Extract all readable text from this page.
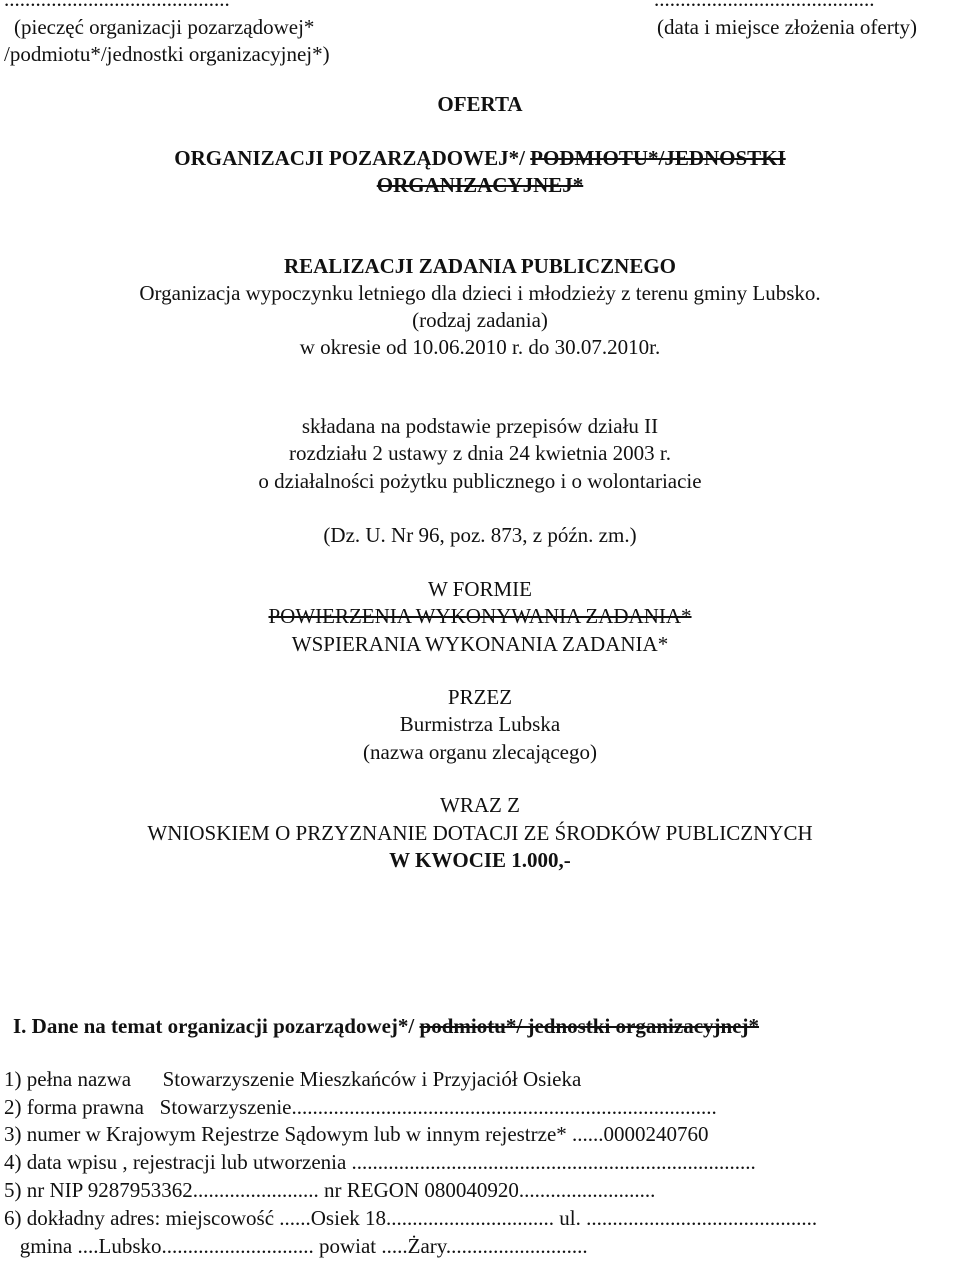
(pieczęć organizacji pozarządowej*
/podmiotu*/jednostki organizacyjnej*)
(data i miejsce złożenia oferty)
OFERTA
ORGANIZACJI POZARZĄDOWEJ*/ PODMIOTU*/JEDNOSTKI
ORGANIZACYJNEJ*
REALIZACJI ZADANIA PUBLICZNEGO
Organizacja wypoczynku letniego dla dzieci i młodzieży z terenu gminy Lubsko.
(rodzaj zadania)
w okresie od 10.06.2010 r. do 30.07.2010r.
składana na podstawie przepisów działu II
rozdziału 2 ustawy z dnia 24 kwietnia 2003 r.
o działalności pożytku publicznego i o wolontariacie
(Dz. U. Nr 96, poz. 873, z późn. zm.)
W FORMIE
POWIERZENIA WYKONYWANIA ZADANIA*
WSPIERANIA WYKONANIA ZADANIA*
PRZEZ
Burmistrza Lubska
(nazwa organu zlecającego)
WRAZ Z
WNIOSKIEM O PRZYZNANIE DOTACJI ZE ŚRODKÓW PUBLICZNYCH
W KWOCIE 1.000,-
I. Dane na temat organizacji pozarządowej*/ podmiotu*/ jednostki organizacyjnej*
1) pełna nazwa      Stowarzyszenie Mieszkańców i Przyjaciół Osieka
2) forma prawna   Stowarzyszenie.................................................................................
3) numer w Krajowym Rejestrze Sądowym lub w innym rejestrze* ......0000240760
4) data wpisu , rejestracji lub utworzenia .............................................................................
5) nr NIP 9287953362........................ nr REGON 080040920..........................
6) dokładny adres: miejscowość ......Osiek 18................................ ul. ............................................
gmina ....Lubsko............................. powiat .....Żary...........................
